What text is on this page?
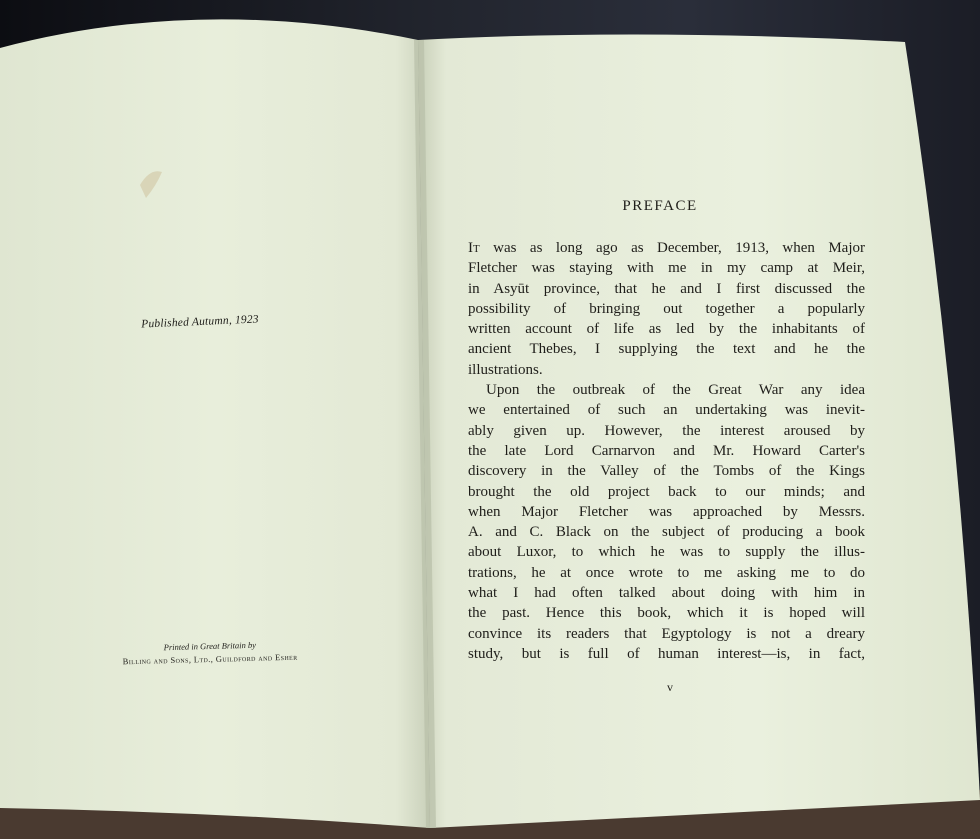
Published Autumn, 1923
Printed in Great Britain by
Billing and Sons, Ltd., Guildford and Esher
PREFACE
It was as long ago as December, 1913, when Major
Fletcher was staying with me in my camp at Meir,
in Asyūt province, that he and I first discussed the
possibility of bringing out together a popularly
written account of life as led by the inhabitants of
ancient Thebes, I supplying the text and he the
illustrations.
Upon the outbreak of the Great War any idea
we entertained of such an undertaking was inevit-
ably given up. However, the interest aroused by
the late Lord Carnarvon and Mr. Howard Carter's
discovery in the Valley of the Tombs of the Kings
brought the old project back to our minds; and
when Major Fletcher was approached by Messrs.
A. and C. Black on the subject of producing a book
about Luxor, to which he was to supply the illus-
trations, he at once wrote to me asking me to do
what I had often talked about doing with him in
the past. Hence this book, which it is hoped will
convince its readers that Egyptology is not a dreary
study, but is full of human interest—is, in fact,
v
